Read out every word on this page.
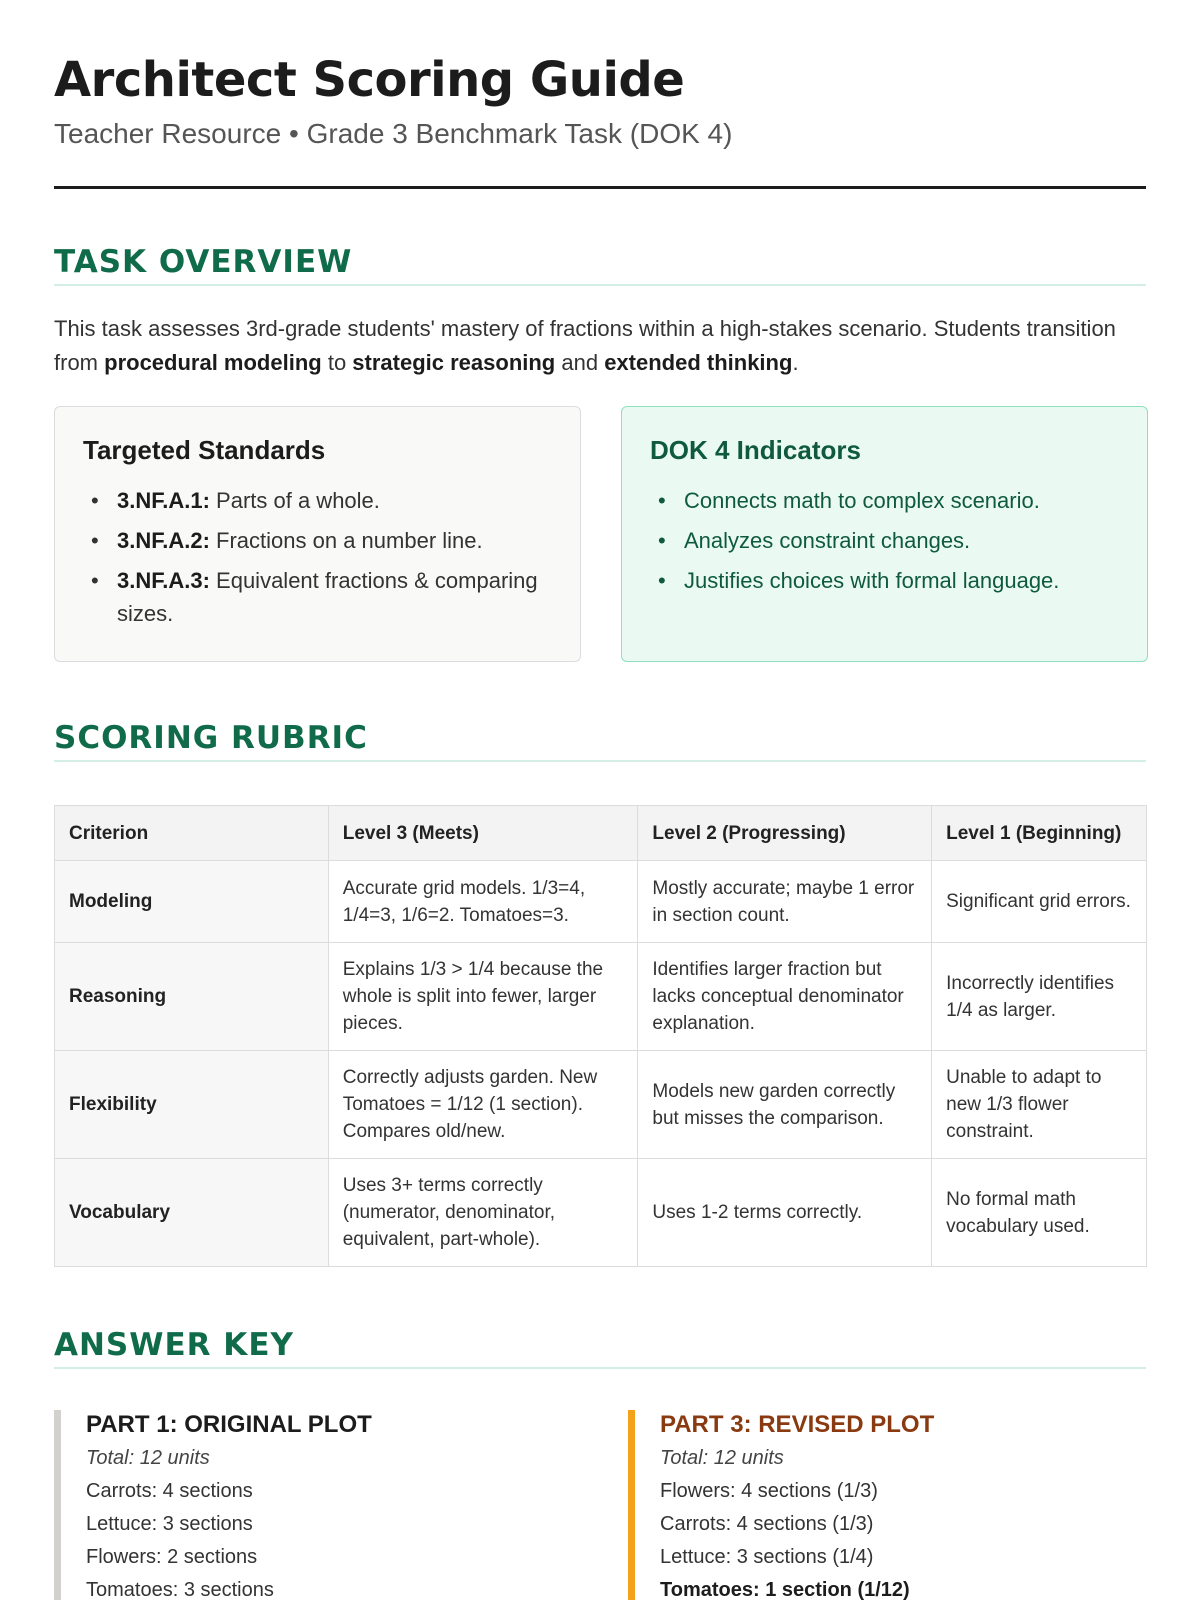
Architect Scoring Guide
Teacher Resource • Grade 3 Benchmark Task (DOK 4)
TASK OVERVIEW

This task assesses 3rd-grade students' mastery of fractions within a high-stakes scenario. Students transition from procedural modeling to strategic reasoning and extended thinking.

Targeted Standards
• 3.NF.A.1: Parts of a whole.
• 3.NF.A.2: Fractions on a number line.
• 3.NF.A.3: Equivalent fractions & comparing sizes.
DOK 4 Indicators
• Connects math to complex scenario.
• Analyzes constraint changes.
• Justifies choices with formal language.
SCORING RUBRIC
Criterion	Level 3 (Meets)	Level 2 (Progressing)	Level 1 (Beginning)
Modeling	Accurate grid models. 1/3=4, 1/4=3, 1/6=2. Tomatoes=3.	Mostly accurate; maybe 1 error in section count.	Significant grid errors.
Reasoning	Explains 1/3 > 1/4 because the whole is split into fewer, larger pieces.	Identifies larger fraction but lacks conceptual denominator explanation.	Incorrectly identifies 1/4 as larger.
Flexibility	Correctly adjusts garden. New Tomatoes = 1/12 (1 section). Compares old/new.	Models new garden correctly but misses the comparison.	Unable to adapt to new 1/3 flower constraint.
Vocabulary	Uses 3+ terms correctly (numerator, denominator, equivalent, part-whole).	Uses 1-2 terms correctly.	No formal math vocabulary used.
ANSWER KEY
PART 1: ORIGINAL PLOT
Total: 12 units
Carrots: 4 sections
Lettuce: 3 sections
Flowers: 2 sections
Tomatoes: 3 sections
PART 3: REVISED PLOT
Total: 12 units
Flowers: 4 sections (1/3)
Carrots: 4 sections (1/3)
Lettuce: 3 sections (1/4)
Tomatoes: 1 section (1/12)
